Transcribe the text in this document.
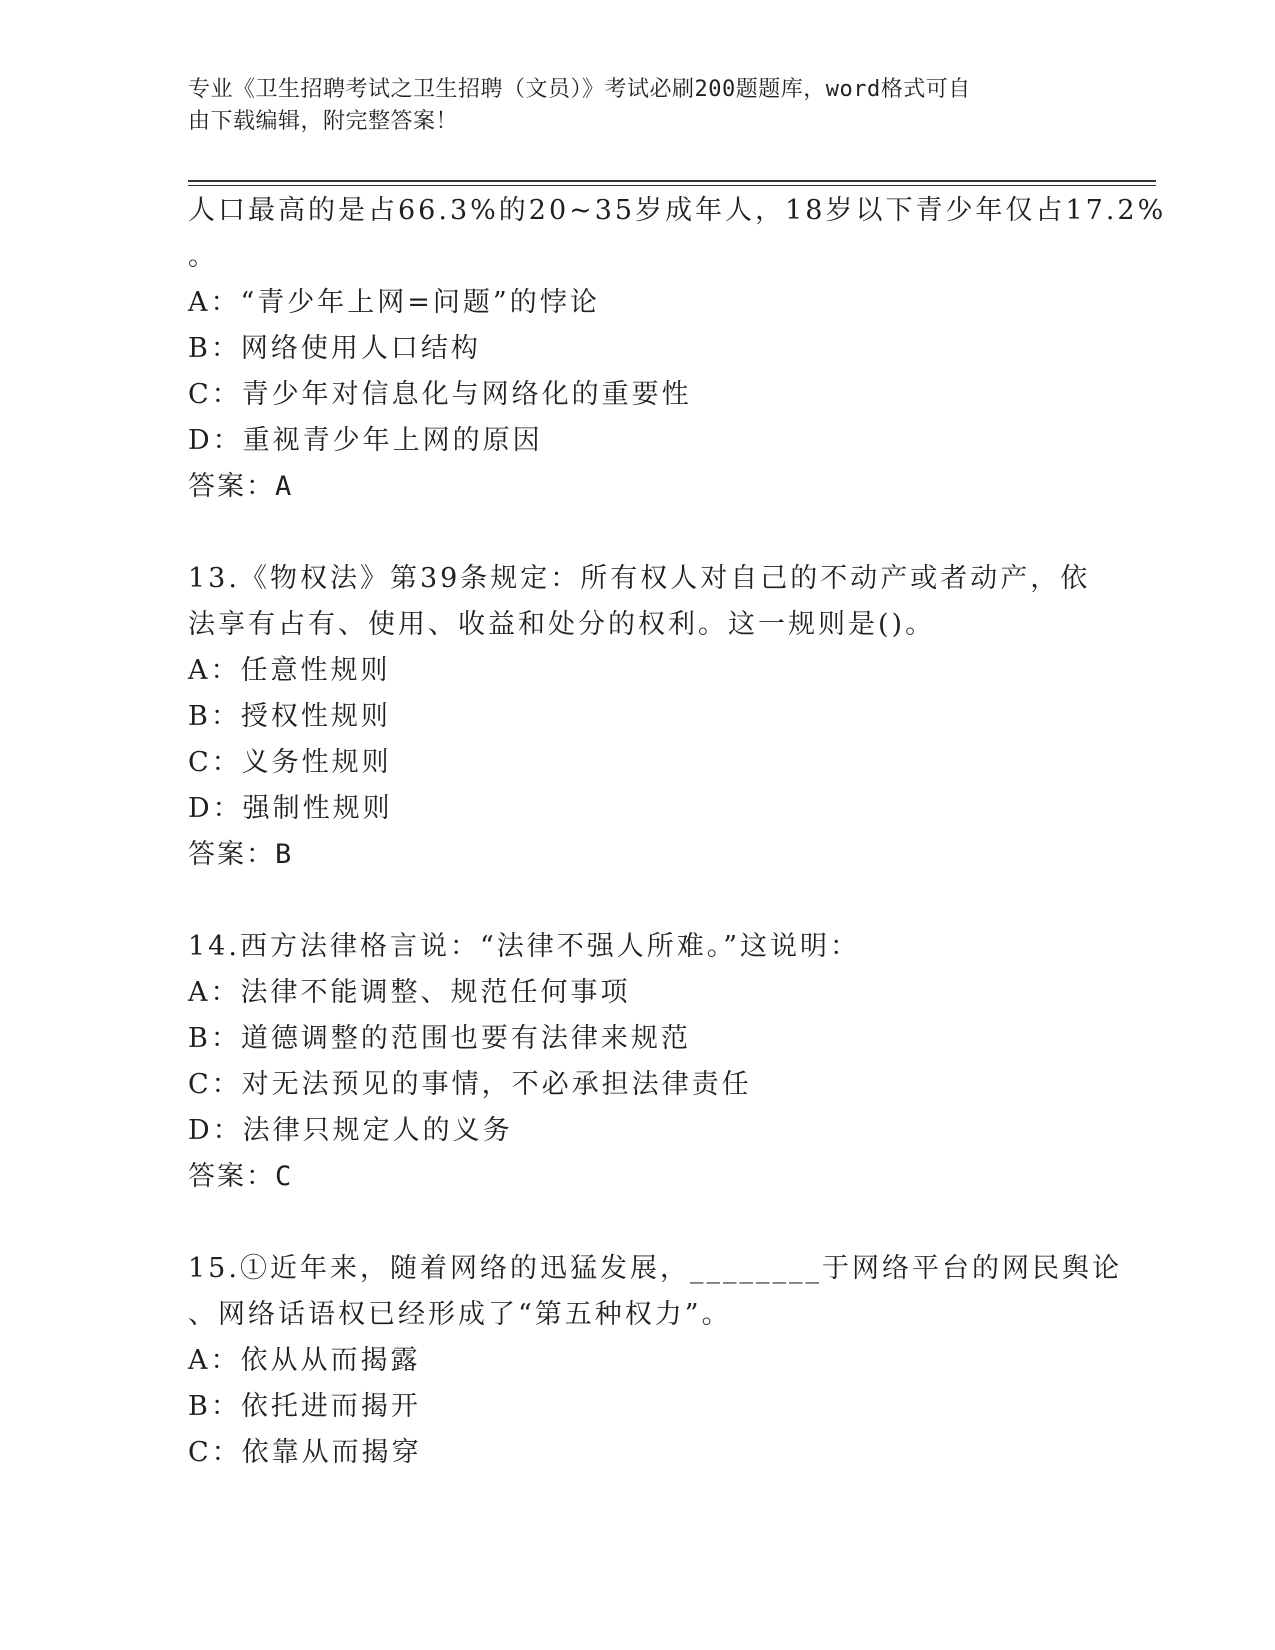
专业《卫生招聘考试之卫生招聘（文员）》考试必刷200题题库，word格式可自
由下载编辑，附完整答案！
人口最高的是占66.3%的20~35岁成年人，18岁以下青少年仅占17.2%
。
A：“青少年上网=问题”的悖论
B：网络使用人口结构
C：青少年对信息化与网络化的重要性
D：重视青少年上网的原因
答案：A
13.《物权法》第39条规定：所有权人对自己的不动产或者动产，依
法享有占有、使用、收益和处分的权利。这一规则是()。
A：任意性规则
B：授权性规则
C：义务性规则
D：强制性规则
答案：B
14.西方法律格言说：“法律不强人所难。”这说明：
A：法律不能调整、规范任何事项
B：道德调整的范围也要有法律来规范
C：对无法预见的事情，不必承担法律责任
D：法律只规定人的义务
答案：C
15.①近年来，随着网络的迅猛发展，________于网络平台的网民舆论
、网络话语权已经形成了“第五种权力”。
A：依从从而揭露
B：依托进而揭开
C：依靠从而揭穿
